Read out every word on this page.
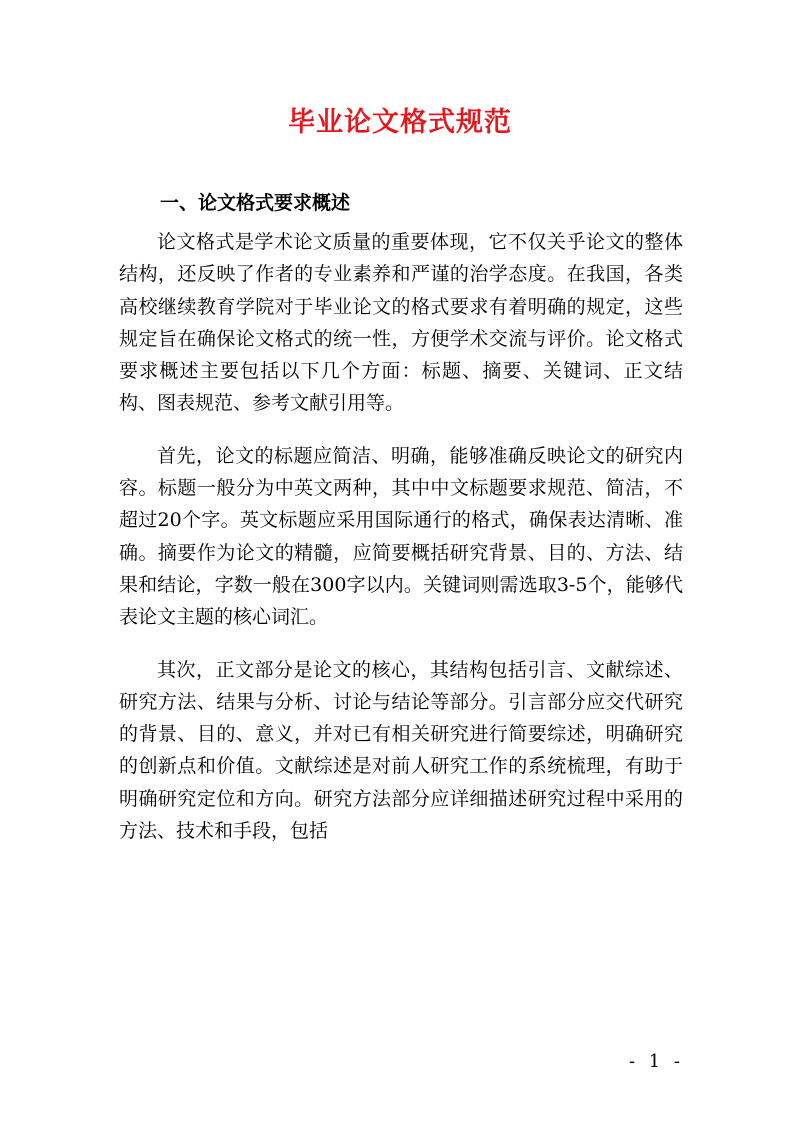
毕业论文格式规范
一、论文格式要求概述

论文格式是学术论文质量的重要体现，它不仅关乎论文的整体结构，还反映了作者的专业素养和严谨的治学态度。在我国，各类高校继续教育学院对于毕业论文的格式要求有着明确的规定，这些规定旨在确保论文格式的统一性，方便学术交流与评价。论文格式要求概述主要包括以下几个方面：标题、摘要、关键词、正文结构、图表规范、参考文献引用等。

首先，论文的标题应简洁、明确，能够准确反映论文的研究内容。标题一般分为中英文两种，其中中文标题要求规范、简洁，不超过20个字。英文标题应采用国际通行的格式，确保表达清晰、准确。摘要作为论文的精髓，应简要概括研究背景、目的、方法、结果和结论，字数一般在300字以内。关键词则需选取3-5个，能够代表论文主题的核心词汇。

其次，正文部分是论文的核心，其结构包括引言、文献综述、研究方法、结果与分析、讨论与结论等部分。引言部分应交代研究的背景、目的、意义，并对已有相关研究进行简要综述，明确研究的创新点和价值。文献综述是对前人研究工作的系统梳理，有助于明确研究定位和方向。研究方法部分应详细描述研究过程中采用的方法、技术和手段，包括

- 1 -
